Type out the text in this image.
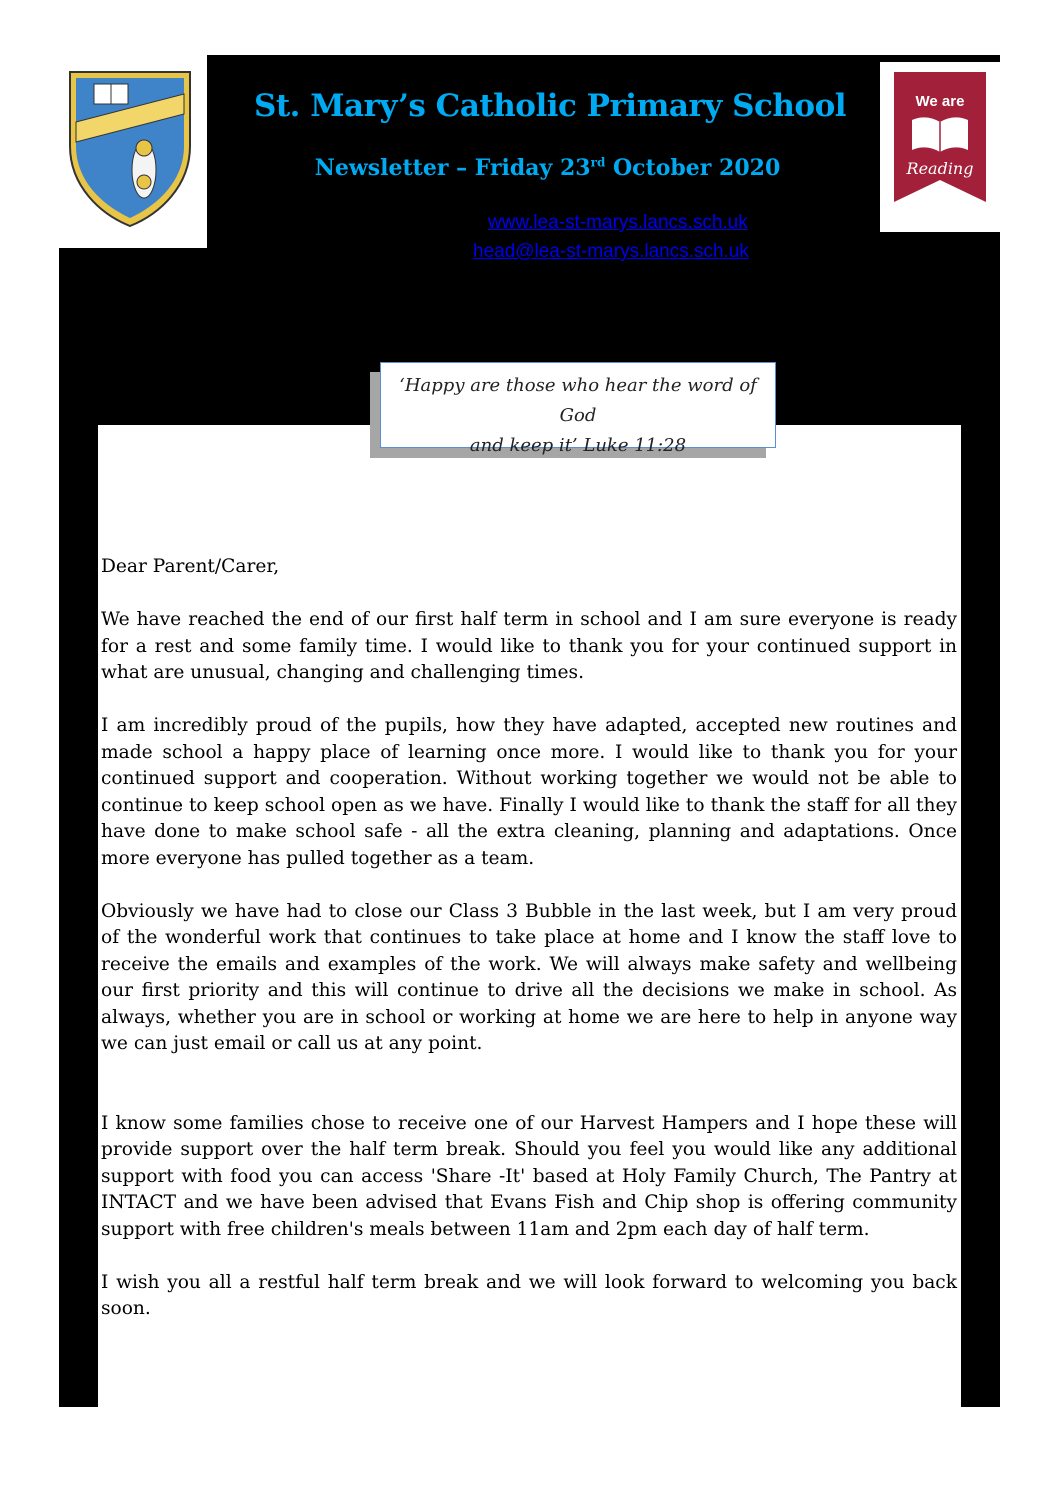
We are
Reading
St. Mary’s Catholic Primary School
Newsletter – Friday 23rd October 2020
www.lea-st-marys.lancs.sch.uk
head@lea-st-marys.lancs.sch.uk
‘Happy are those who hear the word of God
and keep it’ Luke 11:28

Dear Parent/Carer,

We have reached the end of our first half term in school and I am sure everyone is ready for a rest and some family time. I would like to thank you for your continued support in what are unusual, changing and challenging times.

I am incredibly proud of the pupils, how they have adapted, accepted new routines and made school a happy place of learning once more. I would like to thank you for your continued support and cooperation. Without working together we would not be able to continue to keep school open as we have. Finally I would like to thank the staff for all they have done to make school safe - all the extra cleaning, planning and adaptations. Once more everyone has pulled together as a team.

Obviously we have had to close our Class 3 Bubble in the last week, but I am very proud of the wonderful work that continues to take place at home and I know the staff love to receive the emails and examples of the work. We will always make safety and wellbeing our first priority and this will continue to drive all the decisions we make in school. As always, whether you are in school or working at home we are here to help in anyone way we can just email or call us at any point.

I know some families chose to receive one of our Harvest Hampers and I hope these will provide support over the half term break. Should you feel you would like any additional support with food you can access 'Share -It' based at Holy Family Church, The Pantry at INTACT and we have been advised that Evans Fish and Chip shop is offering community support with free children's meals between 11am and 2pm each day of half term.

I wish you all a restful half term break and we will look forward to welcoming you back soon.
